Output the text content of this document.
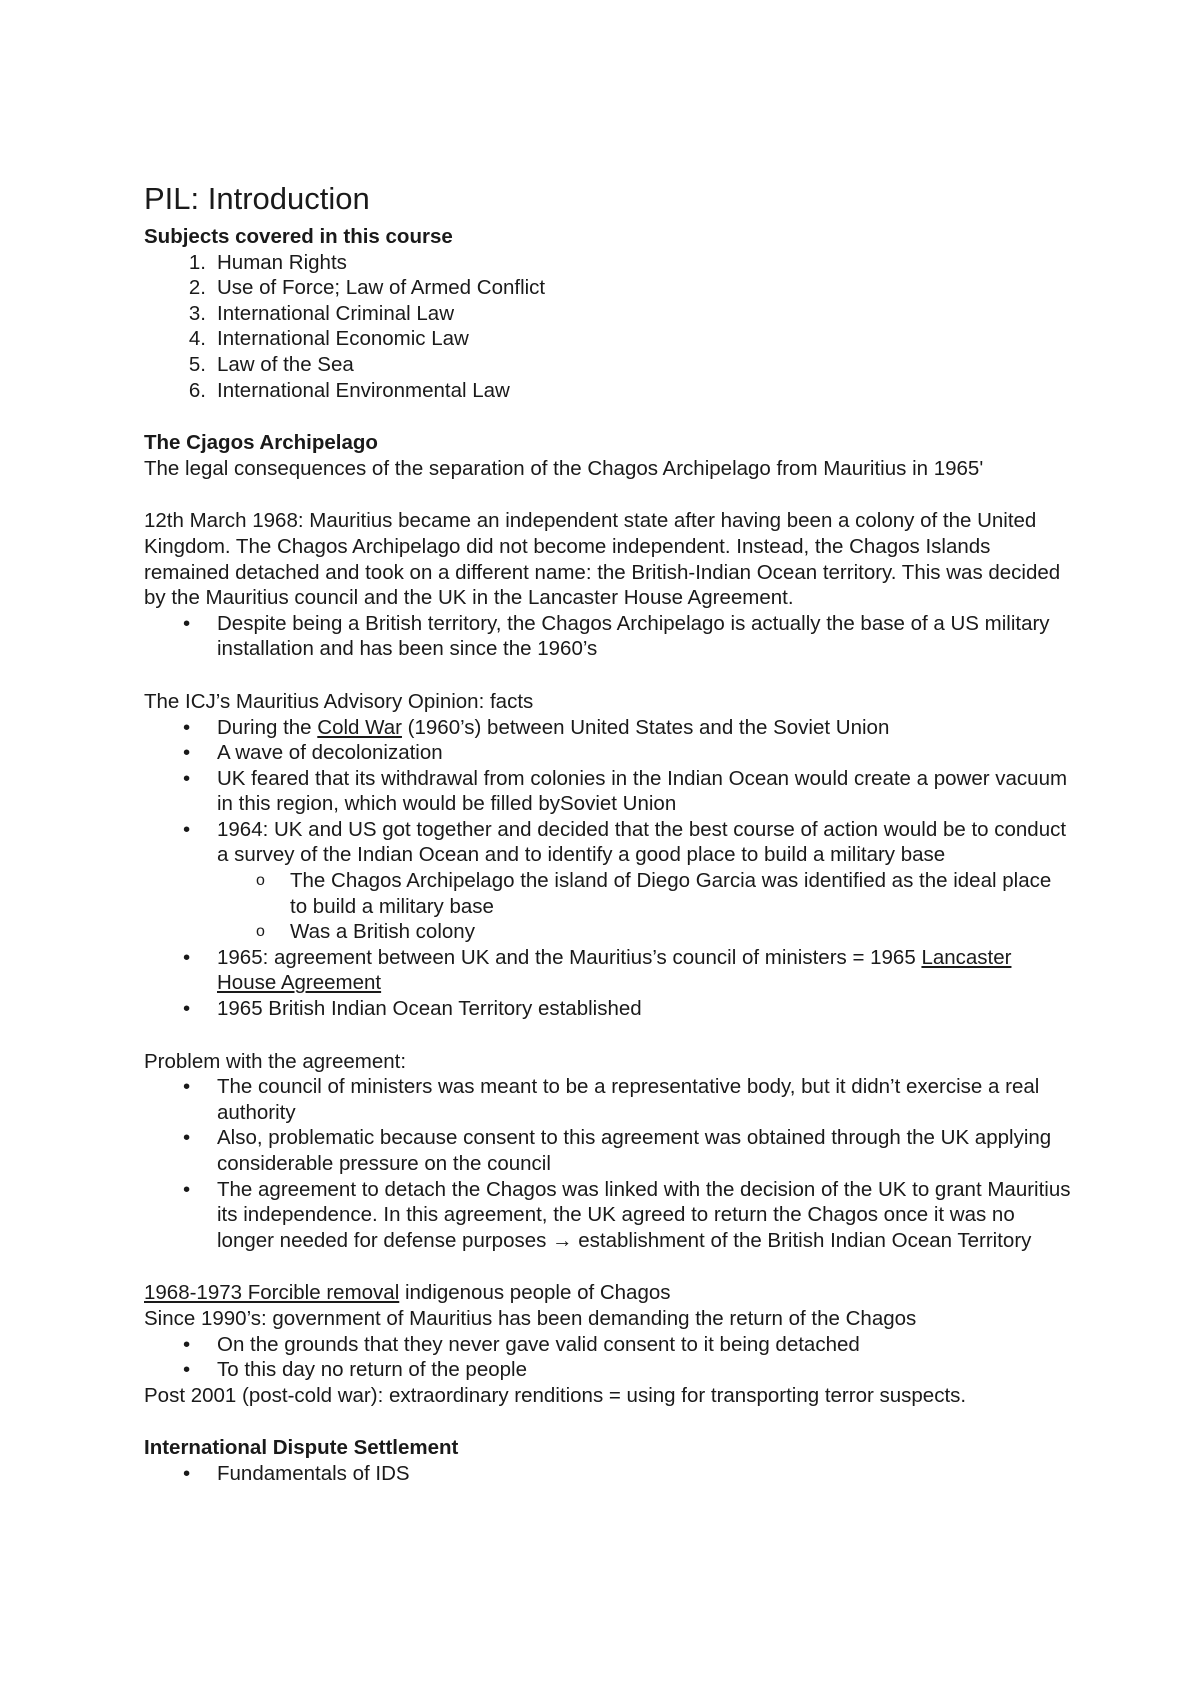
PIL: Introduction
Subjects covered in this course
1. Human Rights
2. Use of Force; Law of Armed Conflict
3. International Criminal Law
4. International Economic Law
5. Law of the Sea
6. International Environmental Law
The Cjagos Archipelago
The legal consequences of the separation of the Chagos Archipelago from Mauritius in 1965'
12th March 1968: Mauritius became an independent state after having been a colony of the United Kingdom. The Chagos Archipelago did not become independent. Instead, the Chagos Islands remained detached and took on a different name: the British-Indian Ocean territory. This was decided by the Mauritius council and the UK in the Lancaster House Agreement.
• Despite being a British territory, the Chagos Archipelago is actually the base of a US military installation and has been since the 1960’s
The ICJ’s Mauritius Advisory Opinion: facts
• During the Cold War (1960’s) between United States and the Soviet Union
• A wave of decolonization
• UK feared that its withdrawal from colonies in the Indian Ocean would create a power vacuum in this region, which would be filled bySoviet Union
• 1964: UK and US got together and decided that the best course of action would be to conduct a survey of the Indian Ocean and to identify a good place to build a military base
o The Chagos Archipelago the island of Diego Garcia was identified as the ideal place to build a military base
o Was a British colony
• 1965: agreement between UK and the Mauritius’s council of ministers = 1965 Lancaster House Agreement
• 1965 British Indian Ocean Territory established
Problem with the agreement:
• The council of ministers was meant to be a representative body, but it didn’t exercise a real authority
• Also, problematic because consent to this agreement was obtained through the UK applying considerable pressure on the council
• The agreement to detach the Chagos was linked with the decision of the UK to grant Mauritius its independence. In this agreement, the UK agreed to return the Chagos once it was no longer needed for defense purposes → establishment of the British Indian Ocean Territory
1968-1973 Forcible removal indigenous people of Chagos
Since 1990’s: government of Mauritius has been demanding the return of the Chagos
• On the grounds that they never gave valid consent to it being detached
• To this day no return of the people
Post 2001 (post-cold war): extraordinary renditions = using for transporting terror suspects.
International Dispute Settlement
• Fundamentals of IDS
